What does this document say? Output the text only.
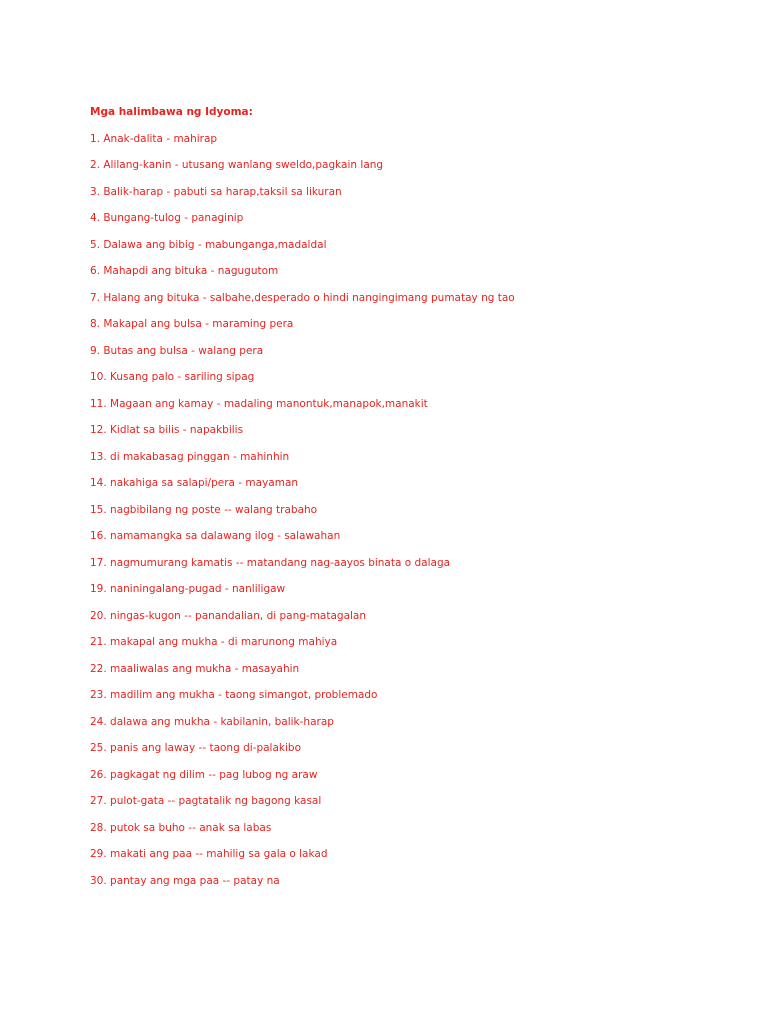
Mga halimbawa ng Idyoma:
1. Anak-dalita - mahirap
2. Alilang-kanin - utusang wanlang sweldo,pagkain lang
3. Balik-harap - pabuti sa harap,taksil sa likuran
4. Bungang-tulog - panaginip
5. Dalawa ang bibig - mabunganga,madaldal
6. Mahapdi ang bituka - nagugutom
7. Halang ang bituka - salbahe,desperado o hindi nangingimang pumatay ng tao
8. Makapal ang bulsa - maraming pera
9. Butas ang bulsa - walang pera
10. Kusang palo - sariling sipag
11. Magaan ang kamay - madaling manontuk,manapok,manakit
12. Kidlat sa bilis - napakbilis
13. di makabasag pinggan - mahinhin
14. nakahiga sa salapi/pera - mayaman
15. nagbibilang ng poste -- walang trabaho
16. namamangka sa dalawang ilog - salawahan
17. nagmumurang kamatis -- matandang nag-aayos binata o dalaga
19. naniningalang-pugad - nanliligaw
20. ningas-kugon -- panandalian, di pang-matagalan
21. makapal ang mukha - di marunong mahiya
22. maaliwalas ang mukha - masayahin
23. madilim ang mukha - taong simangot, problemado
24. dalawa ang mukha - kabilanin, balik-harap
25. panis ang laway -- taong di-palakibo
26. pagkagat ng dilim -- pag lubog ng araw
27. pulot-gata -- pagtatalik ng bagong kasal
28. putok sa buho -- anak sa labas
29. makati ang paa -- mahilig sa gala o lakad
30. pantay ang mga paa -- patay na
